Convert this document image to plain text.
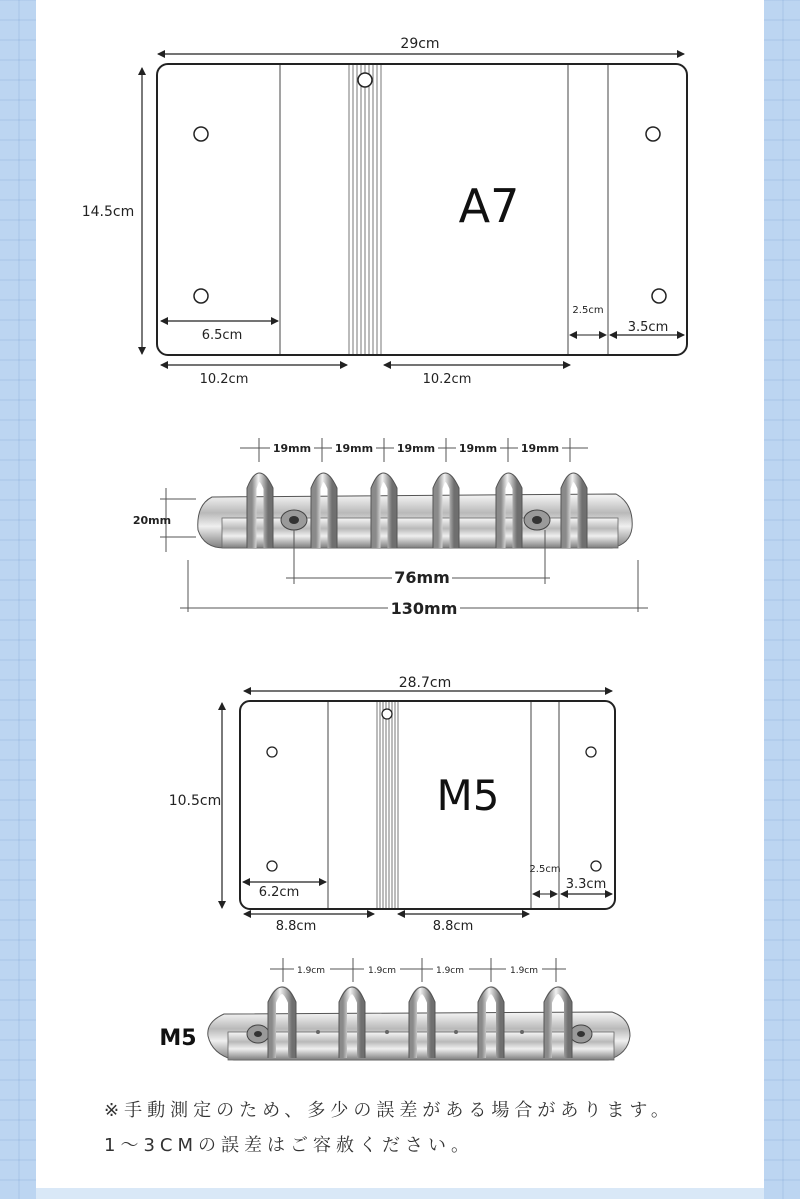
29cm
14.5cm	A7
6.5cm
2.5cm
3.5cm
10.2cm	10.2cm
19mm 19mm 19mm 19mm 19mm
20mm
76mm
130mm
28.7cm
10.5cm	M5
6.2cm
2.5cm
3.3cm
8.8cm	8.8cm
1.9cm	1.9cm	1.9cm	1.9cm
M5
※手動測定のため、多少の誤差がある場合があります。
1〜3CMの誤差はご容赦ください。
